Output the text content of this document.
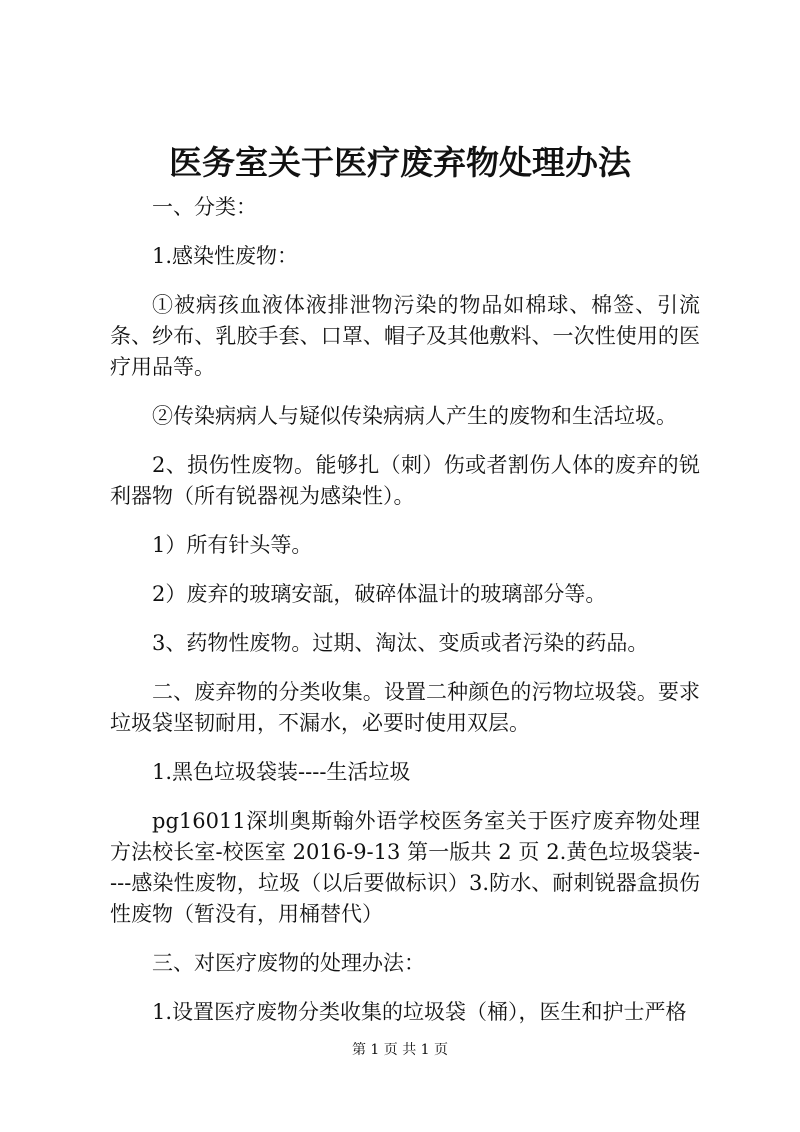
医务室关于医疗废弃物处理办法

一、分类：

1.感染性废物：

①被病孩血液体液排泄物污染的物品如棉球、棉签、引流条、纱布、乳胶手套、口罩、帽子及其他敷料、一次性使用的医疗用品等。

②传染病病人与疑似传染病病人产生的废物和生活垃圾。

2、损伤性废物。能够扎（刺）伤或者割伤人体的废弃的锐利器物（所有锐器视为感染性）。

1）所有针头等。

2）废弃的玻璃安瓿，破碎体温计的玻璃部分等。

3、药物性废物。过期、淘汰、变质或者污染的药品。

二、废弃物的分类收集。设置二种颜色的污物垃圾袋。要求垃圾袋坚韧耐用，不漏水，必要时使用双层。

1.黑色垃圾袋装----生活垃圾

pg16011深圳奥斯翰外语学校医务室关于医疗废弃物处理方法校长室-校医室 2016-9-13 第一版共 2 页 2.黄色垃圾袋装----感染性废物，垃圾（以后要做标识）3.防水、耐刺锐器盒损伤性废物（暂没有，用桶替代）

三、对医疗废物的处理办法：

1.设置医疗废物分类收集的垃圾袋（桶），医生和护士严格

第 1 页 共 1 页
